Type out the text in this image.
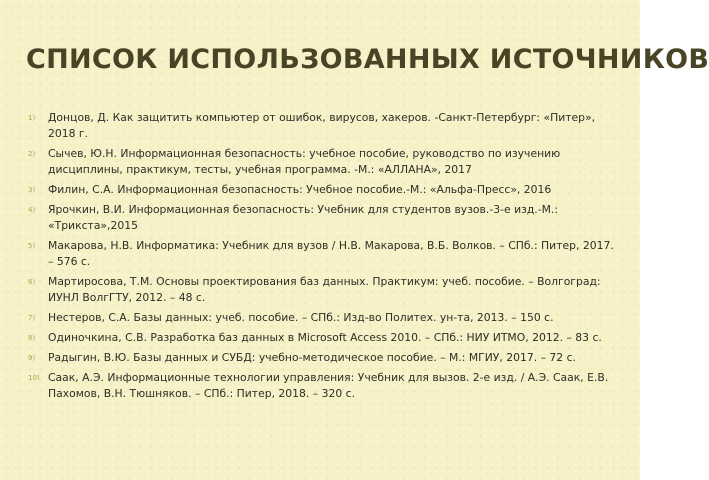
СПИСОК ИСПОЛЬЗОВАННЫХ ИСТОЧНИКОВ
1)	Донцов, Д. Как защитить компьютер от ошибок, вирусов, хакеров. -Санкт-Петербург: «Питер», 2018 г.
2)	Сычев, Ю.Н. Информационная безопасность: учебное пособие, руководство по изучению дисциплины, практикум, тесты, учебная программа. -М.: «АЛЛАНА», 2017
3)	Филин, С.А. Информационная безопасность: Учебное пособие.-М.: «Альфа-Пресс», 2016
4)	Ярочкин, В.И. Информационная безопасность: Учебник для студентов вузов.-3-е изд.-М.: «Трикста»,2015
5)	Макарова, Н.В. Информатика: Учебник для вузов / Н.В. Макарова, В.Б. Волков. – СПб.: Питер, 2017. – 576 с.
6)	Мартиросова, Т.М. Основы проектирования баз данных. Практикум: учеб. пособие. – Волгоград: ИУНЛ ВолгГТУ, 2012. – 48 с.
7)	Нестеров, С.А. Базы данных: учеб. пособие. – СПб.: Изд-во Политех. ун-та, 2013. – 150 с.
8)	Одиночкина, С.В. Разработка баз данных в Microsoft Access 2010. – СПб.: НИУ ИТМО, 2012. – 83 с.
9)	Радыгин, В.Ю. Базы данных и СУБД: учебно-методическое пособие. – М.: МГИУ, 2017. – 72 с.
10) Саак, А.Э. Информационные технологии управления: Учебник для вызов. 2-е изд. / А.Э. Саак, Е.В. Пахомов, В.Н. Тюшняков. – СПб.: Питер, 2018. – 320 с.
